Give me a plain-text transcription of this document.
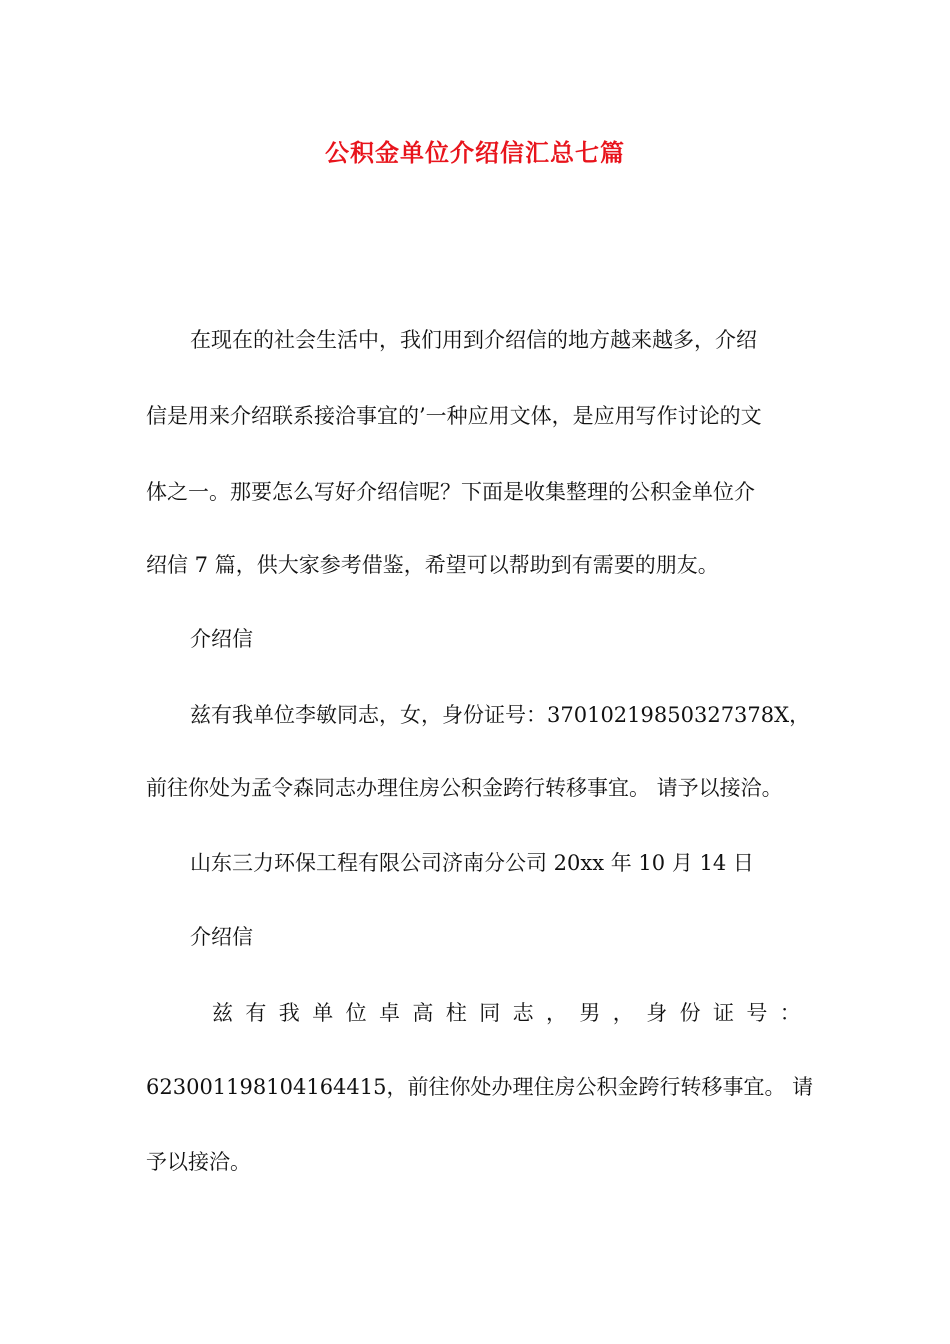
公积金单位介绍信汇总七篇
在现在的社会生活中，我们用到介绍信的地方越来越多，介绍
信是用来介绍联系接洽事宜的’一种应用文体，是应用写作讨论的文
体之一。那要怎么写好介绍信呢？下面是收集整理的公积金单位介
绍信 7 篇，供大家参考借鉴，希望可以帮助到有需要的朋友。
介绍信
兹有我单位李敏同志，女，身份证号：37010219850327378X，
前往你处为孟令森同志办理住房公积金跨行转移事宜。 请予以接洽。
山东三力环保工程有限公司济南分公司 20xx 年 10 月 14 日
介绍信
兹有我单位卓高柱同志，男，身份证号：
623001198104164415，前往你处办理住房公积金跨行转移事宜。 请
予以接洽。
